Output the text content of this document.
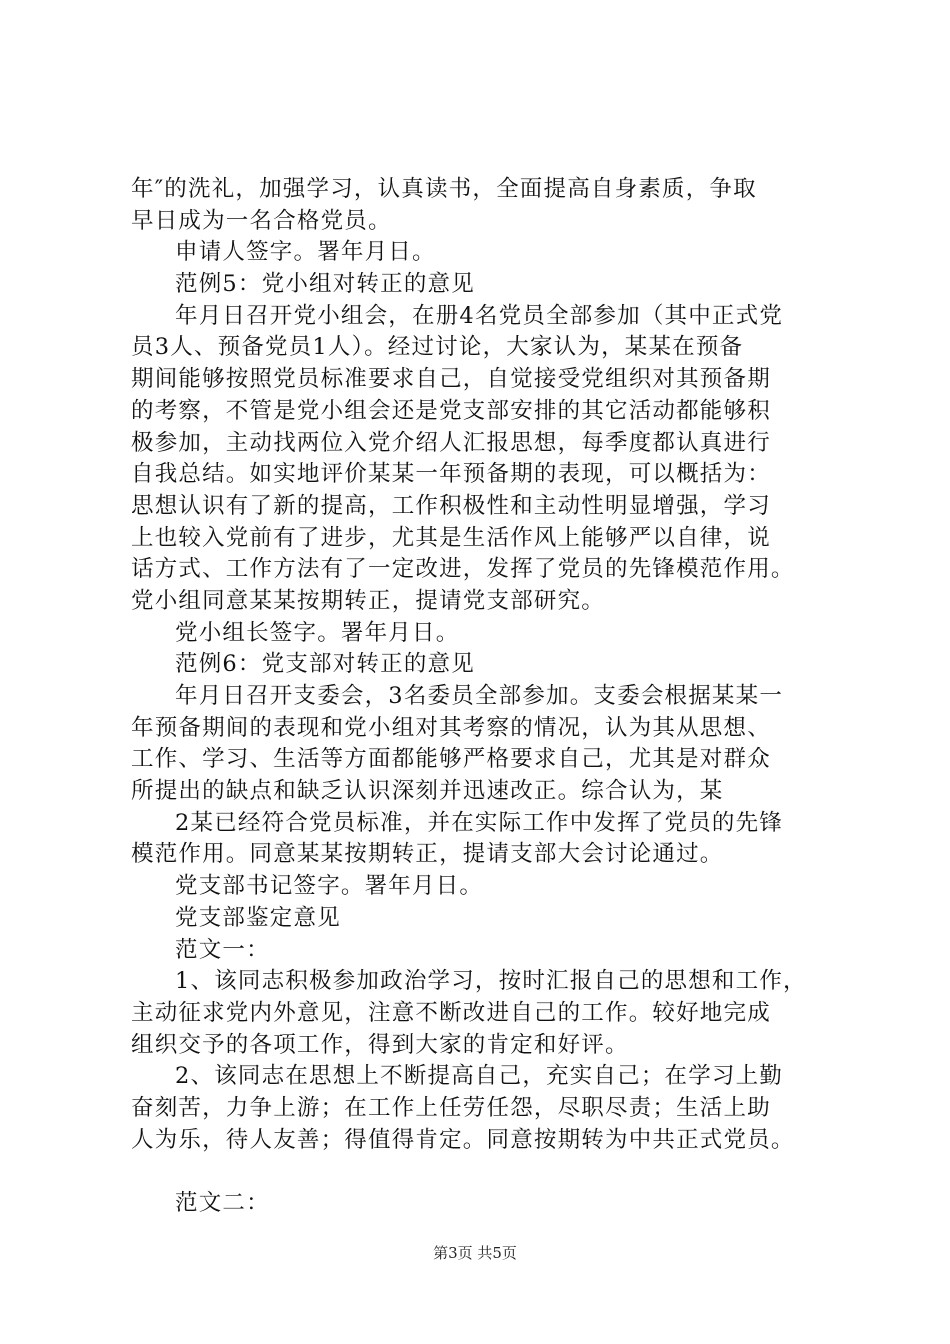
年″的洗礼，加强学习，认真读书，全面提高自身素质，争取
早日成为一名合格党员。
申请人签字。署年月日。
范例5：党小组对转正的意见
年月日召开党小组会，在册4名党员全部参加（其中正式党
员3人、预备党员1人）。经过讨论，大家认为，某某在预备
期间能够按照党员标准要求自己，自觉接受党组织对其预备期
的考察，不管是党小组会还是党支部安排的其它活动都能够积
极参加，主动找两位入党介绍人汇报思想，每季度都认真进行
自我总结。如实地评价某某一年预备期的表现，可以概括为：
思想认识有了新的提高，工作积极性和主动性明显增强，学习
上也较入党前有了进步，尤其是生活作风上能够严以自律，说
话方式、工作方法有了一定改进，发挥了党员的先锋模范作用。
党小组同意某某按期转正，提请党支部研究。
党小组长签字。署年月日。
范例6：党支部对转正的意见
年月日召开支委会，3名委员全部参加。支委会根据某某一
年预备期间的表现和党小组对其考察的情况，认为其从思想、
工作、学习、生活等方面都能够严格要求自己，尤其是对群众
所提出的缺点和缺乏认识深刻并迅速改正。综合认为，某
2某已经符合党员标准，并在实际工作中发挥了党员的先锋
模范作用。同意某某按期转正，提请支部大会讨论通过。
党支部书记签字。署年月日。
党支部鉴定意见
范文一：
1、该同志积极参加政治学习，按时汇报自己的思想和工作，
主动征求党内外意见，注意不断改进自己的工作。较好地完成
组织交予的各项工作，得到大家的肯定和好评。
2、该同志在思想上不断提高自己，充实自己；在学习上勤
奋刻苦，力争上游；在工作上任劳任怨，尽职尽责；生活上助
人为乐，待人友善；得值得肯定。同意按期转为中共正式党员。
范文二：
第3页 共5页
